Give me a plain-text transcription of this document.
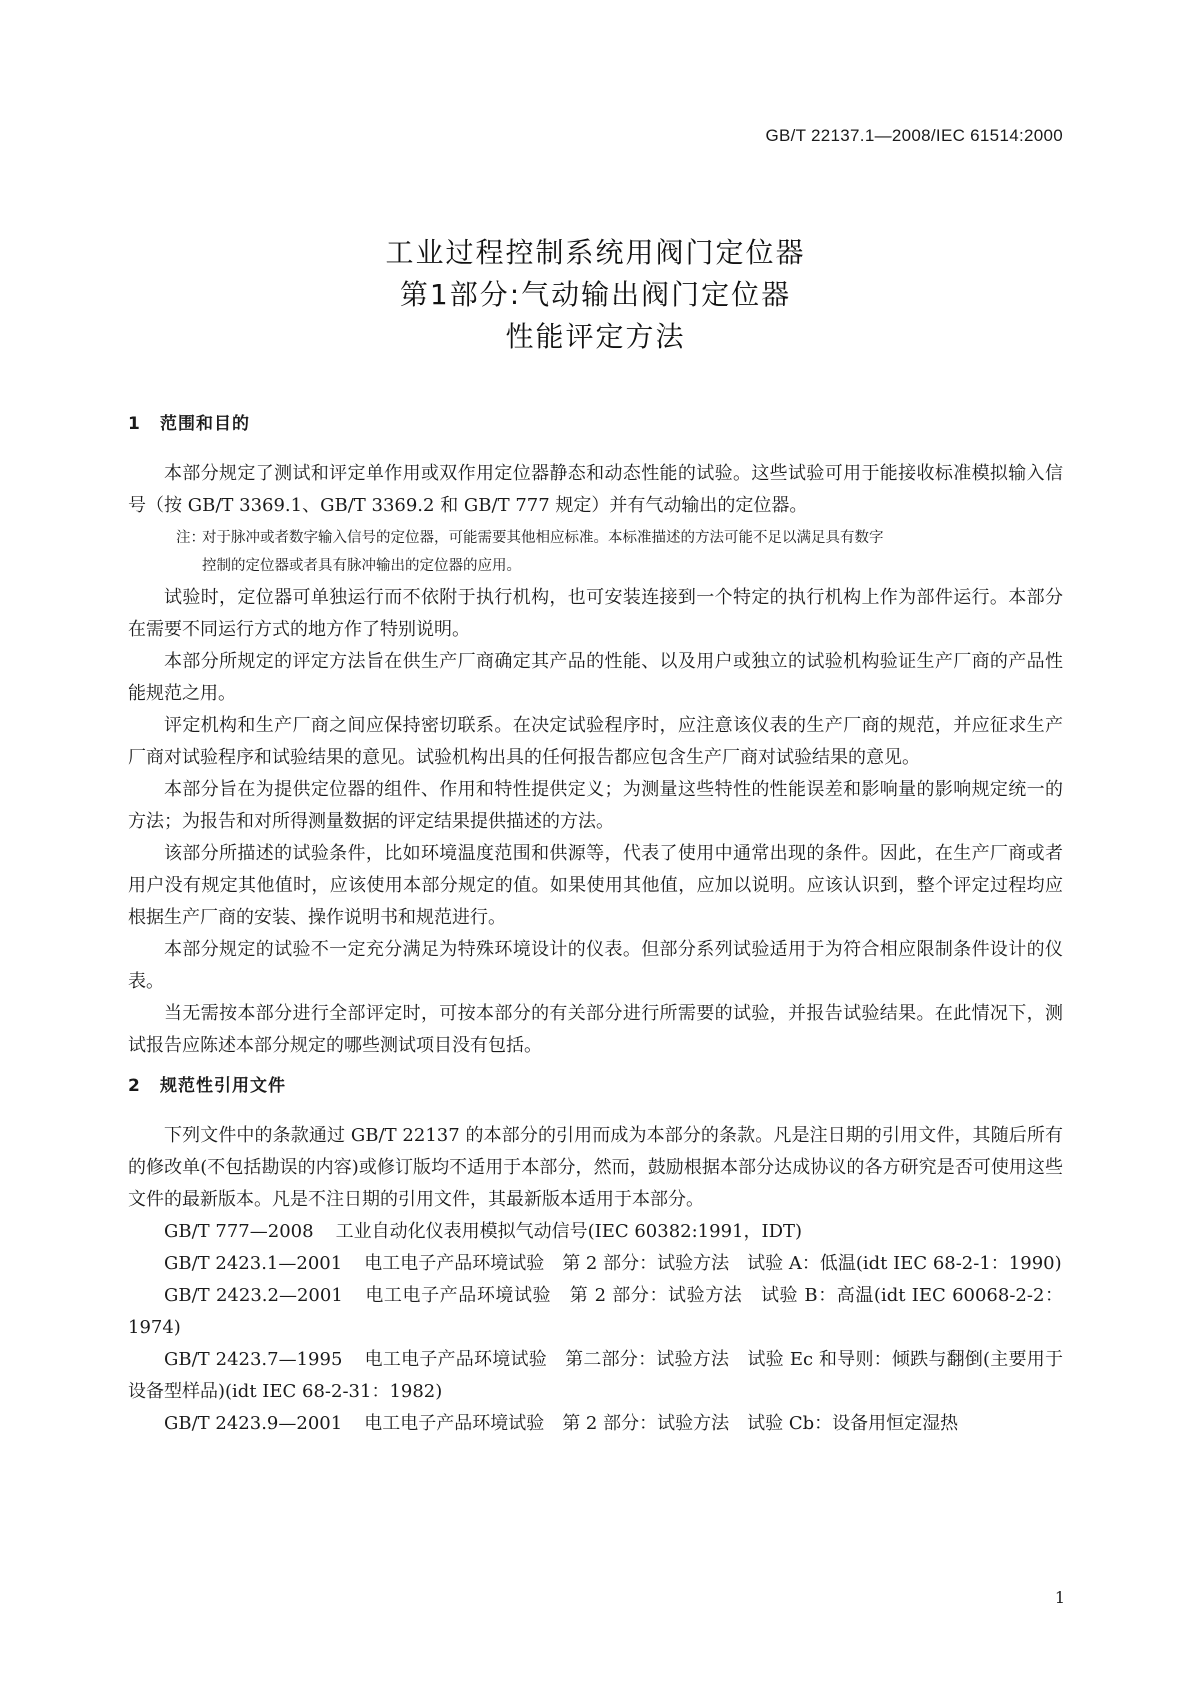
GB/T 22137.1—2008/IEC 61514:2000
工业过程控制系统用阀门定位器
第1部分:气动输出阀门定位器
性能评定方法
1 范围和目的

本部分规定了测试和评定单作用或双作用定位器静态和动态性能的试验。这些试验可用于能接收标准模拟输入信号（按 GB/T 3369.1、GB/T 3369.2 和 GB/T 777 规定）并有气动输出的定位器。

注：对于脉冲或者数字输入信号的定位器，可能需要其他相应标准。本标准描述的方法可能不足以满足具有数字
控制的定位器或者具有脉冲输出的定位器的应用。

试验时，定位器可单独运行而不依附于执行机构，也可安装连接到一个特定的执行机构上作为部件运行。本部分在需要不同运行方式的地方作了特别说明。

本部分所规定的评定方法旨在供生产厂商确定其产品的性能、以及用户或独立的试验机构验证生产厂商的产品性能规范之用。

评定机构和生产厂商之间应保持密切联系。在决定试验程序时，应注意该仪表的生产厂商的规范，并应征求生产厂商对试验程序和试验结果的意见。试验机构出具的任何报告都应包含生产厂商对试验结果的意见。

本部分旨在为提供定位器的组件、作用和特性提供定义；为测量这些特性的性能误差和影响量的影响规定统一的方法；为报告和对所得测量数据的评定结果提供描述的方法。

该部分所描述的试验条件，比如环境温度范围和供源等，代表了使用中通常出现的条件。因此，在生产厂商或者用户没有规定其他值时，应该使用本部分规定的值。如果使用其他值，应加以说明。应该认识到，整个评定过程均应根据生产厂商的安装、操作说明书和规范进行。

本部分规定的试验不一定充分满足为特殊环境设计的仪表。但部分系列试验适用于为符合相应限制条件设计的仪表。

当无需按本部分进行全部评定时，可按本部分的有关部分进行所需要的试验，并报告试验结果。在此情况下，测试报告应陈述本部分规定的哪些测试项目没有包括。

2 规范性引用文件

下列文件中的条款通过 GB/T 22137 的本部分的引用而成为本部分的条款。凡是注日期的引用文件，其随后所有的修改单(不包括勘误的内容)或修订版均不适用于本部分，然而，鼓励根据本部分达成协议的各方研究是否可使用这些文件的最新版本。凡是不注日期的引用文件，其最新版本适用于本部分。

GB/T 777—2008 工业自动化仪表用模拟气动信号(IEC 60382:1991，IDT)

GB/T 2423.1—2001 电工电子产品环境试验　第 2 部分：试验方法　试验 A：低温(idt IEC 68-2-1：1990)

GB/T 2423.2—2001 电工电子产品环境试验　第 2 部分：试验方法　试验 B：高温(idt IEC 60068-2-2：1974)

GB/T 2423.7—1995 电工电子产品环境试验　第二部分：试验方法　试验 Ec 和导则：倾跌与翻倒(主要用于设备型样品)(idt IEC 68-2-31：1982)

GB/T 2423.9—2001 电工电子产品环境试验　第 2 部分：试验方法　试验 Cb：设备用恒定湿热

1
